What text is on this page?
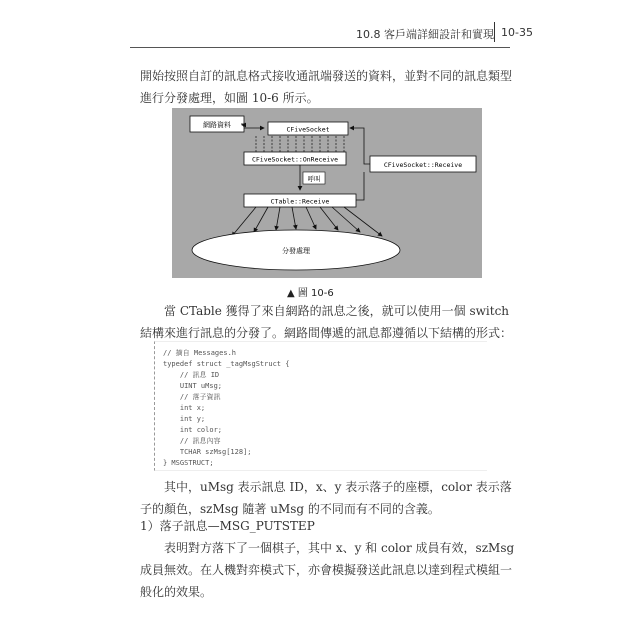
10.8 客戶端詳細設計和實現 10-35
開始按照自訂的訊息格式接收通訊端發送的資料，並對不同的訊息類型進行分發處理，如圖 10-6 所示。
網路資料
CFiveSocket
CFiveSocket::OnReceive
呼叫
CTable::Receive
CFiveSocket::Receive
分發處理
▲ 圖 10-6
當 CTable 獲得了來自網路的訊息之後，就可以使用一個 switch 結構來進行訊息的分發了。網路間傳遞的訊息都遵循以下結構的形式：
// 摘自 Messages.h
typedef struct _tagMsgStruct {
// 訊息 ID
UINT uMsg;
// 落子資訊
int x;
int y;
int color;
// 訊息內容
TCHAR szMsg[128];
} MSGSTRUCT;
其中，uMsg 表示訊息 ID，x、y 表示落子的座標，color 表示落子的顏色，szMsg 隨著 uMsg 的不同而有不同的含義。
1）落子訊息—MSG_PUTSTEP
表明對方落下了一個棋子，其中 x、y 和 color 成員有效，szMsg 成員無效。在人機對弈模式下，亦會模擬發送此訊息以達到程式模組一般化的效果。
